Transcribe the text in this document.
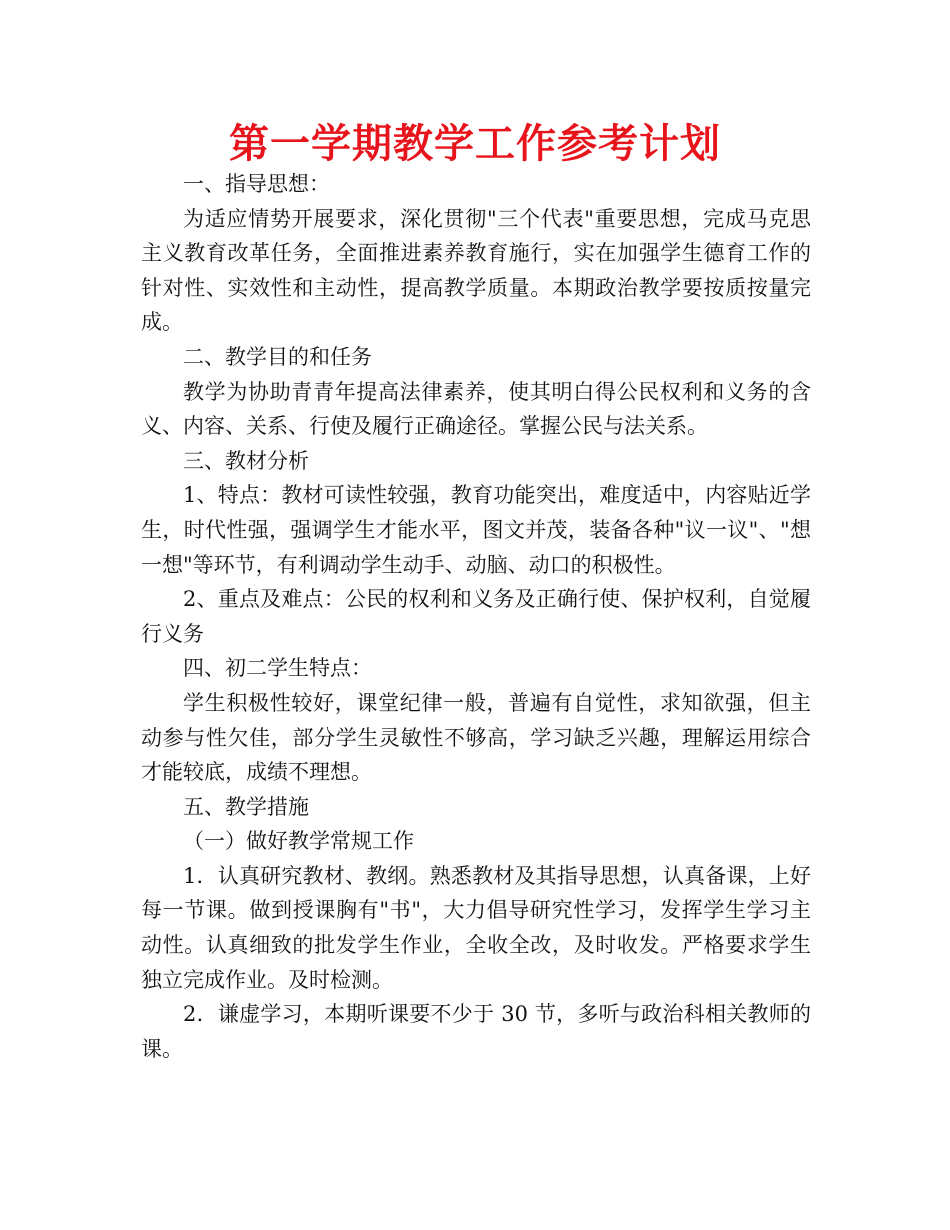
第一学期教学工作参考计划

一、指导思想：

为适应情势开展要求，深化贯彻"三个代表"重要思想，完成马克思主义教育改革任务，全面推进素养教育施行，实在加强学生德育工作的针对性、实效性和主动性，提高教学质量。本期政治教学要按质按量完成。

二、教学目的和任务

教学为协助青青年提高法律素养，使其明白得公民权利和义务的含义、内容、关系、行使及履行正确途径。掌握公民与法关系。

三、教材分析

1、特点：教材可读性较强，教育功能突出，难度适中，内容贴近学生，时代性强，强调学生才能水平，图文并茂，装备各种"议一议"、"想一想"等环节，有利调动学生动手、动脑、动口的积极性。

2、重点及难点：公民的权利和义务及正确行使、保护权利，自觉履行义务

四、初二学生特点：

学生积极性较好，课堂纪律一般，普遍有自觉性，求知欲强，但主动参与性欠佳，部分学生灵敏性不够高，学习缺乏兴趣，理解运用综合才能较底，成绩不理想。

五、教学措施

（一）做好教学常规工作

1．认真研究教材、教纲。熟悉教材及其指导思想，认真备课，上好每一节课。做到授课胸有"书"，大力倡导研究性学习，发挥学生学习主动性。认真细致的批发学生作业，全收全改，及时收发。严格要求学生独立完成作业。及时检测。

2．谦虚学习，本期听课要不少于 30 节，多听与政治科相关教师的课。
